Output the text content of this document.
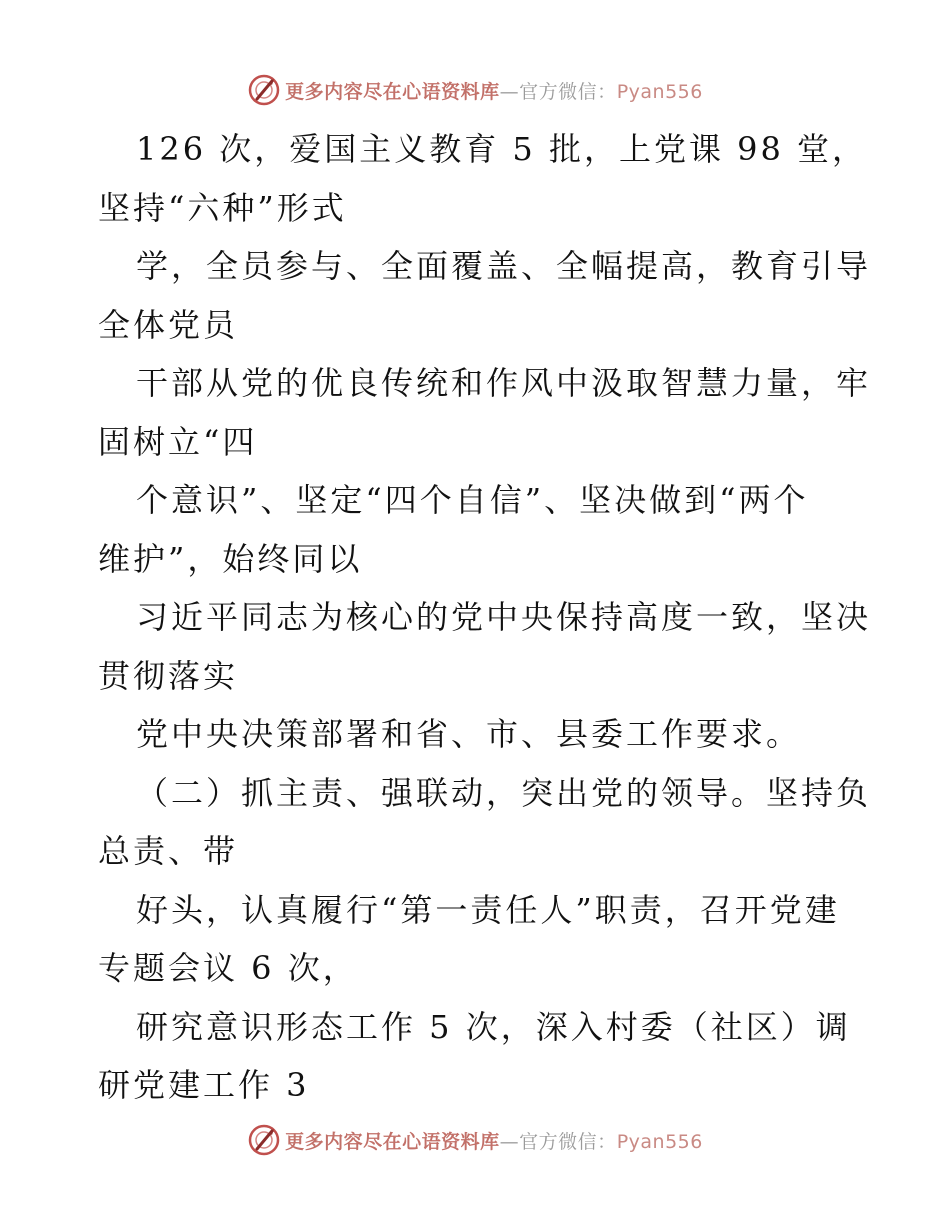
更多内容尽在心语资料库—官方微信：Pyan556
126 次，爱国主义教育 5 批，上党课 98 堂，
坚持“六种”形式
学，全员参与、全面覆盖、全幅提高，教育引导
全体党员
干部从党的优良传统和作风中汲取智慧力量，牢
固树立“四
个意识”、坚定“四个自信”、坚决做到“两个
维护”，始终同以
习近平同志为核心的党中央保持高度一致，坚决
贯彻落实
党中央决策部署和省、市、县委工作要求。
（二）抓主责、强联动，突出党的领导。坚持负
总责、带
好头，认真履行“第一责任人”职责，召开党建
专题会议 6 次，
研究意识形态工作 5 次，深入村委（社区）调
研党建工作 3
更多内容尽在心语资料库—官方微信：Pyan556
